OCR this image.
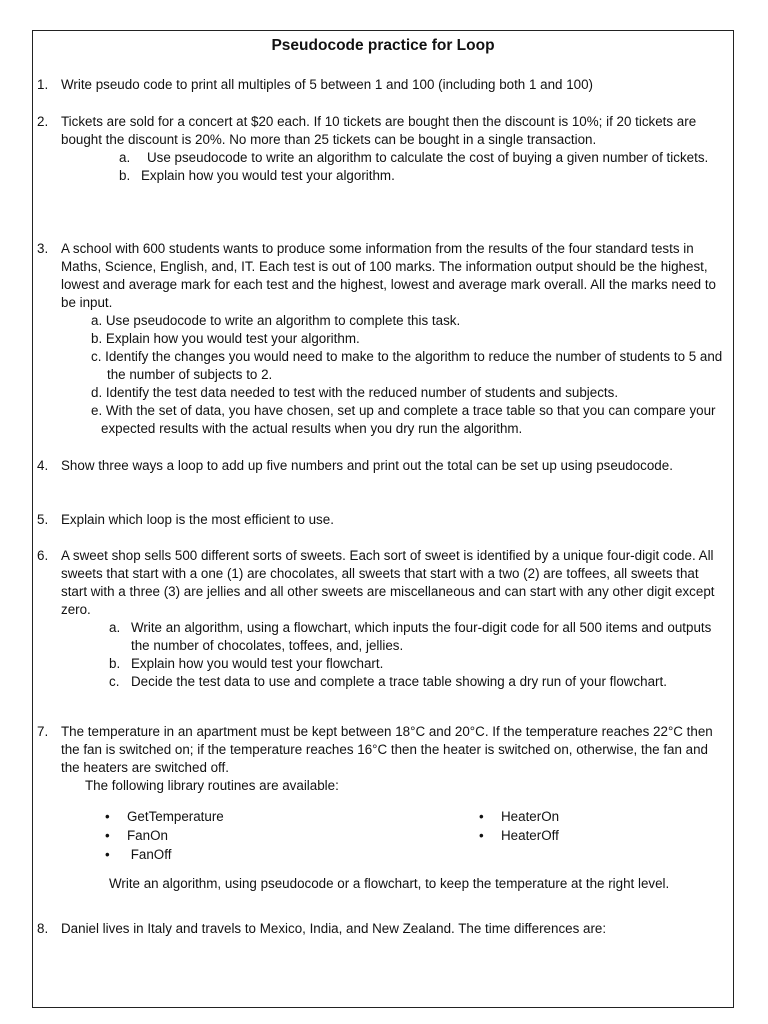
Pseudocode practice for Loop
1. Write pseudo code to print all multiples of 5 between 1 and 100 (including both 1 and 100)
2. Tickets are sold for a concert at $20 each. If 10 tickets are bought then the discount is 10%; if 20 tickets are bought the discount is 20%. No more than 25 tickets can be bought in a single transaction.
a.	Use pseudocode to write an algorithm to calculate the cost of buying a given number of tickets.
b. Explain how you would test your algorithm.
3. A school with 600 students wants to produce some information from the results of the four standard tests in Maths, Science, English, and, IT. Each test is out of 100 marks. The information output should be the highest, lowest and average mark for each test and the highest, lowest and average mark overall. All the marks need to be input.
a. Use pseudocode to write an algorithm to complete this task.
b. Explain how you would test your algorithm.
c. Identify the changes you would need to make to the algorithm to reduce the number of students to 5 and the number of subjects to 2.
d. Identify the test data needed to test with the reduced number of students and subjects.
e. With the set of data, you have chosen, set up and complete a trace table so that you can compare your expected results with the actual results when you dry run the algorithm.
4. Show three ways a loop to add up five numbers and print out the total can be set up using pseudocode.
5. Explain which loop is the most efficient to use.
6. A sweet shop sells 500 different sorts of sweets. Each sort of sweet is identified by a unique four-digit code. All sweets that start with a one (1) are chocolates, all sweets that start with a two (2) are toffees, all sweets that start with a three (3) are jellies and all other sweets are miscellaneous and can start with any other digit except zero.
a. Write an algorithm, using a flowchart, which inputs the four-digit code for all 500 items and outputs the number of chocolates, toffees, and, jellies.
b. Explain how you would test your flowchart.
c. Decide the test data to use and complete a trace table showing a dry run of your flowchart.
7. The temperature in an apartment must be kept between 18°C and 20°C. If the temperature reaches 22°C then the fan is switched on; if the temperature reaches 16°C then the heater is switched on, otherwise, the fan and the heaters are switched off.
The following library routines are available:
• GetTemperature
• FanOn
• FanOff
• HeaterOn
• HeaterOff
Write an algorithm, using pseudocode or a flowchart, to keep the temperature at the right level.
8. Daniel lives in Italy and travels to Mexico, India, and New Zealand. The time differences are:
